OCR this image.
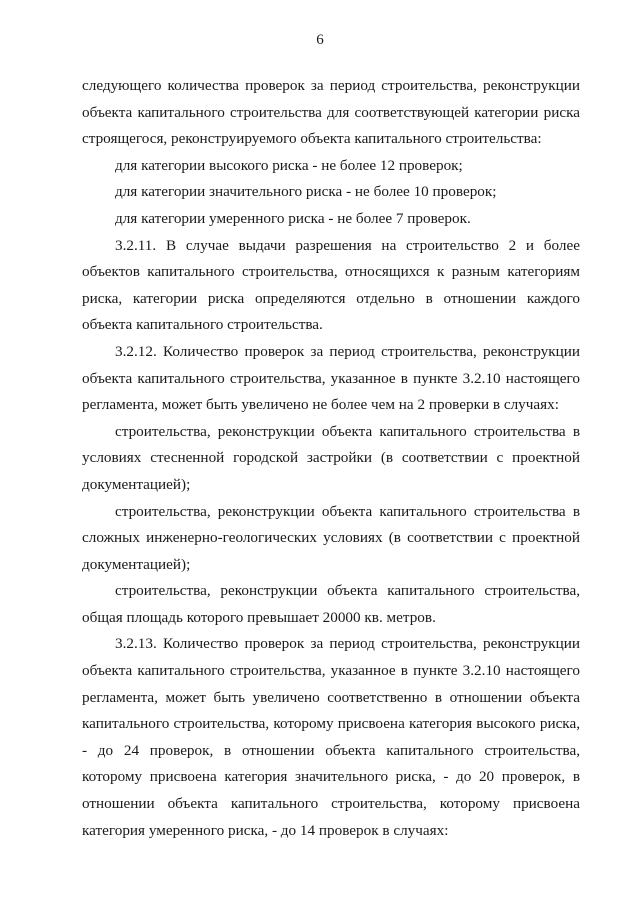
6

следующего количества проверок за период строительства, реконструкции объекта капитального строительства для соответствующей категории риска строящегося, реконструируемого объекта капитального строительства:

для категории высокого риска - не более 12 проверок;

для категории значительного риска - не более 10 проверок;

для категории умеренного риска - не более 7 проверок.

3.2.11. В случае выдачи разрешения на строительство 2 и более объектов капитального строительства, относящихся к разным категориям риска, категории риска определяются отдельно в отношении каждого объекта капитального строительства.

3.2.12. Количество проверок за период строительства, реконструкции объекта капитального строительства, указанное в пункте 3.2.10 настоящего регламента, может быть увеличено не более чем на 2 проверки в случаях:

строительства, реконструкции объекта капитального строительства в условиях стесненной городской застройки (в соответствии с проектной документацией);

строительства, реконструкции объекта капитального строительства в сложных инженерно-геологических условиях (в соответствии с проектной документацией);

строительства, реконструкции объекта капитального строительства, общая площадь которого превышает 20000 кв. метров.

3.2.13. Количество проверок за период строительства, реконструкции объекта капитального строительства, указанное в пункте 3.2.10 настоящего регламента, может быть увеличено соответственно в отношении объекта капитального строительства, которому присвоена категория высокого риска, - до 24 проверок, в отношении объекта капитального строительства, которому присвоена категория значительного риска, - до 20 проверок, в отношении объекта капитального строительства, которому присвоена категория умеренного риска, - до 14 проверок в случаях:
